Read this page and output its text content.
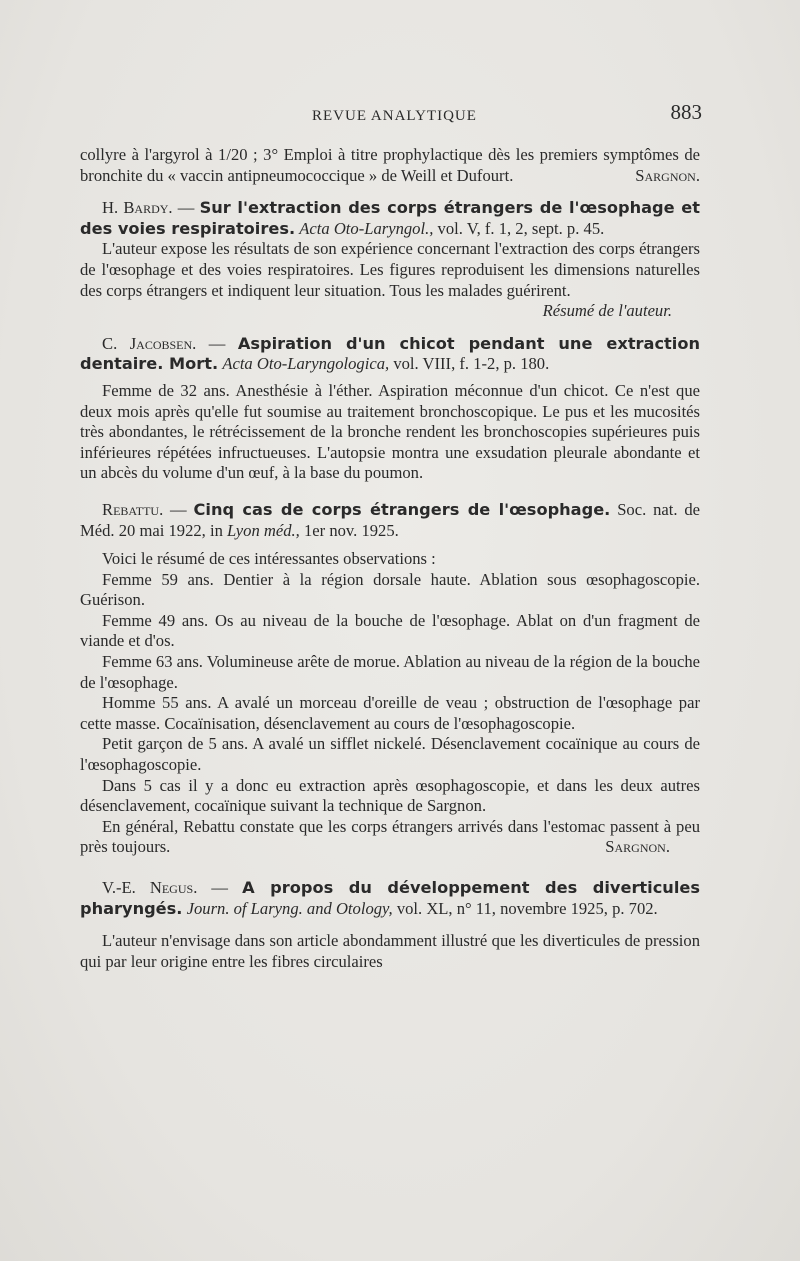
REVUE ANALYTIQUE	883

collyre à l'argyrol à 1/20 ; 3° Emploi à titre prophylactique dès les premiers symptômes de bronchite du « vaccin antipneumococcique » de Weill et Dufourt.	Sargnon.

H. Bardy. — Sur l'extraction des corps étrangers de l'œsophage et des voies respiratoires. Acta Oto-Laryngol., vol. V, f. 1, 2, sept. p. 45.

L'auteur expose les résultats de son expérience concernant l'extraction des corps étrangers de l'œsophage et des voies respiratoires. Les figures reproduisent les dimensions naturelles des corps étrangers et indiquent leur situation. Tous les malades guérirent.

Résumé de l'auteur.

C. Jacobsen. — Aspiration d'un chicot pendant une extraction dentaire. Mort. Acta Oto-Laryngologica, vol. VIII, f. 1-2, p. 180.

Femme de 32 ans. Anesthésie à l'éther. Aspiration méconnue d'un chicot. Ce n'est que deux mois après qu'elle fut soumise au traitement bronchoscopique. Le pus et les mucosités très abondantes, le rétrécissement de la bronche rendent les bronchoscopies supérieures puis inférieures répétées infructueuses. L'autopsie montra une exsudation pleurale abondante et un abcès du volume d'un œuf, à la base du poumon.

Rebattu. — Cinq cas de corps étrangers de l'œsophage. Soc. nat. de Méd. 20 mai 1922, in Lyon méd., 1er nov. 1925.

Voici le résumé de ces intéressantes observations :

Femme 59 ans. Dentier à la région dorsale haute. Ablation sous œsophagoscopie. Guérison.

Femme 49 ans. Os au niveau de la bouche de l'œsophage. Ablat on d'un fragment de viande et d'os.

Femme 63 ans. Volumineuse arête de morue. Ablation au niveau de la région de la bouche de l'œsophage.

Homme 55 ans. A avalé un morceau d'oreille de veau ; obstruction de l'œsophage par cette masse. Cocaïnisation, désenclavement au cours de l'œsophagoscopie.

Petit garçon de 5 ans. A avalé un sifflet nickelé. Désenclavement cocaïnique au cours de l'œsophagoscopie.

Dans 5 cas il y a donc eu extraction après œsophagoscopie, et dans les deux autres désenclavement, cocaïnique suivant la technique de Sargnon.

En général, Rebattu constate que les corps étrangers arrivés dans l'estomac passent à peu près toujours.	Sargnon.

V.-E. Negus. — A propos du développement des diverticules pharyngés. Journ. of Laryng. and Otology, vol. XL, n° 11, novembre 1925, p. 702.

L'auteur n'envisage dans son article abondamment illustré que les diverticules de pression qui par leur origine entre les fibres circulaires
